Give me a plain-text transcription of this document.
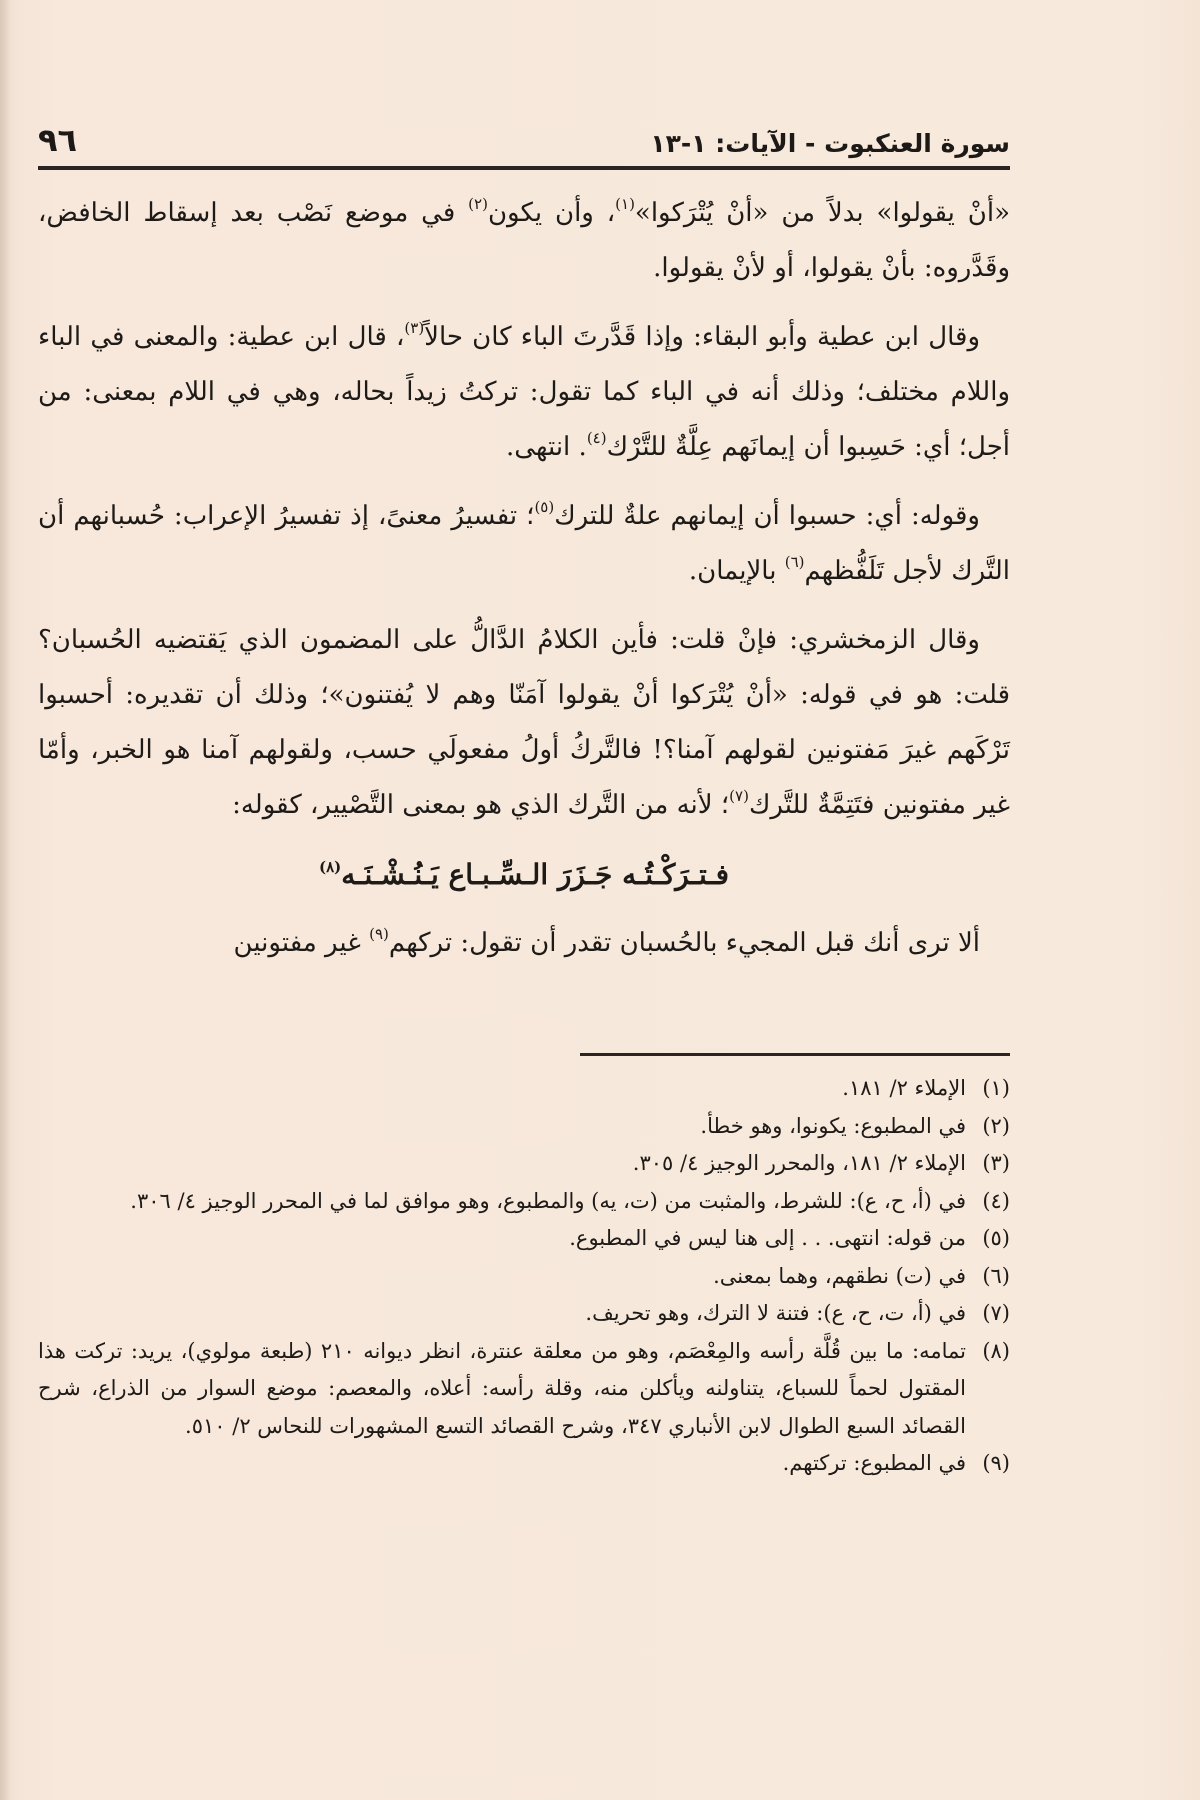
سورة العنكبوت - الآيات: ١-١٣
٩٦

«أنْ يقولوا» بدلاً من «أنْ يُتْرَكوا»$^{(١)}$، وأن يكون$^{(٢)}$ في موضع نَصْب بعد إسقاط الخافض، وقَدَّروه: بأنْ يقولوا، أو لأنْ يقولوا.

وقال ابن عطية وأبو البقاء: وإذا قَدَّرتَ الباء كان حالاً$^{(٣)}$، قال ابن عطية: والمعنى في الباء واللام مختلف؛ وذلك أنه في الباء كما تقول: تركتُ زيداً بحاله، وهي في اللام بمعنى: من أجل؛ أي: حَسِبوا أن إيمانَهم عِلَّةٌ للتَّرْك$^{(٤)}$. انتهى.

وقوله: أي: حسبوا أن إيمانهم علةٌ للترك$^{(٥)}$؛ تفسيرُ معنىً، إذ تفسيرُ الإعراب: حُسبانهم أن التَّرك لأجل تَلَفُّظهم$^{(٦)}$ بالإيمان.

وقال الزمخشري: فإنْ قلت: فأين الكلامُ الدَّالُّ على المضمون الذي يَقتضيه الحُسبان؟ قلت: هو في قوله: «أنْ يُتْرَكوا أنْ يقولوا آمَنّا وهم لا يُفتنون»؛ وذلك أن تقديره: أحسبوا تَرْكَهم غيرَ مَفتونين لقولهم آمنا؟! فالتَّركُ أولُ مفعولَي حسب، ولقولهم آمنا هو الخبر، وأمّا غير مفتونين فتَتِمَّةٌ للتَّرك$^{(٧)}$؛ لأنه من التَّرك الذي هو بمعنى التَّصْيير، كقوله:

فـتـرَكْـتُـه جَـزَرَ الـسِّـبـاع يَـنُـشْـنَـه$^{(٨)}$

ألا ترى أنك قبل المجيء بالحُسبان تقدر أن تقول: تركهم$^{(٩)}$ غير مفتونين

(١)
الإملاء ٢/ ١٨١.
(٢)
في المطبوع: يكونوا، وهو خطأ.
(٣)
الإملاء ٢/ ١٨١، والمحرر الوجيز ٤/ ٣٠٥.
(٤)
في (أ، ح، ع): للشرط، والمثبت من (ت، يه) والمطبوع، وهو موافق لما في المحرر الوجيز ٤/ ٣٠٦.
(٥)
من قوله: انتهى. . . إلى هنا ليس في المطبوع.
(٦)
في (ت) نطقهم، وهما بمعنى.
(٧)
في (أ، ت، ح، ع): فتنة لا الترك، وهو تحريف.
(٨)
تمامه: ما بين قُلَّة رأسه والمِعْصَم، وهو من معلقة عنترة، انظر ديوانه ٢١٠ (طبعة مولوي)، يريد: تركت هذا المقتول لحماً للسباع، يتناولنه ويأكلن منه، وقلة رأسه: أعلاه، والمعصم: موضع السوار من الذراع، شرح القصائد السبع الطوال لابن الأنباري ٣٤٧، وشرح القصائد التسع المشهورات للنحاس ٢/ ٥١٠.
(٩)
في المطبوع: تركتهم.
